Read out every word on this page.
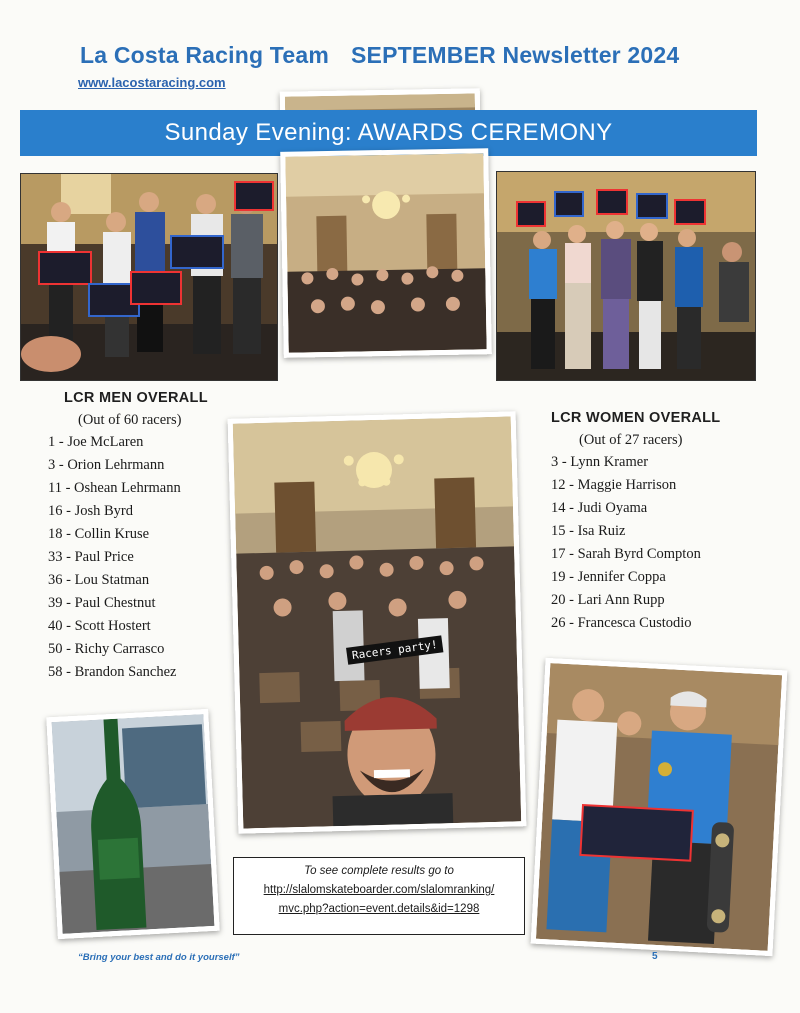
La Costa Racing Team SEPTEMBER Newsletter 2024
www.lacostaracing.com
Sunday Evening: AWARDS CEREMONY
LCR MEN OVERALL
(Out of 60 racers)
1 - Joe McLaren
3 - Orion Lehrmann
11 - Oshean Lehrmann
16 - Josh Byrd
18 - Collin Kruse
33 - Paul Price
36 - Lou Statman
39 - Paul Chestnut
40 - Scott Hostert
50 - Richy Carrasco
58 - Brandon Sanchez
Racers party!
LCR WOMEN OVERALL
(Out of 27 racers)
3 - Lynn Kramer
12 - Maggie Harrison
14 - Judi Oyama
15 - Isa Ruiz
17 - Sarah Byrd Compton
19 - Jennifer Coppa
20 - Lari Ann Rupp
26 - Francesca Custodio
To see complete results go to
http://slalomskateboarder.com/slalomranking/
mvc.php?action=event.details&id=1298
“Bring your best and do it yourself”	5
